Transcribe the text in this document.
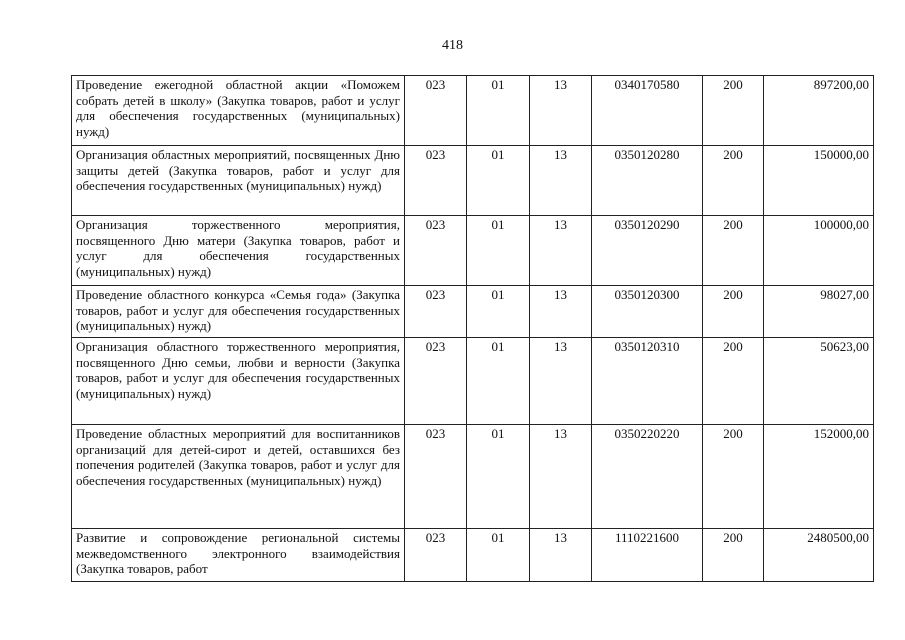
418
Проведение ежегодной областной акции «Поможем собрать детей в школу» (Закупка товаров, работ и услуг для обеспечения государственных (муниципальных) нужд)	023	01	13	0340170580	200	897200,00
Организация областных мероприятий, посвященных Дню защиты детей (Закупка товаров, работ и услуг для обеспечения государственных (муниципальных) нужд)	023	01	13	0350120280	200	150000,00
Организация торжественного мероприятия, посвященного Дню матери (Закупка товаров, работ и услуг для обеспечения государственных (муниципальных) нужд)	023	01	13	0350120290	200	100000,00
Проведение областного конкурса «Семья года» (Закупка товаров, работ и услуг для обеспечения государственных (муниципальных) нужд)	023	01	13	0350120300	200	98027,00
Организация областного торжественного мероприятия, посвященного Дню семьи, любви и верности (Закупка товаров, работ и услуг для обеспечения государственных (муниципальных) нужд)	023	01	13	0350120310	200	50623,00
Проведение областных мероприятий для воспитанников организаций для детей-сирот и детей, оставшихся без попечения родителей (Закупка товаров, работ и услуг для обеспечения государственных (муниципальных) нужд)	023	01	13	0350220220	200	152000,00
Развитие и сопровождение региональной системы межведомственного электронного взаимодействия (Закупка товаров, работ	023	01	13	1110221600	200	2480500,00
